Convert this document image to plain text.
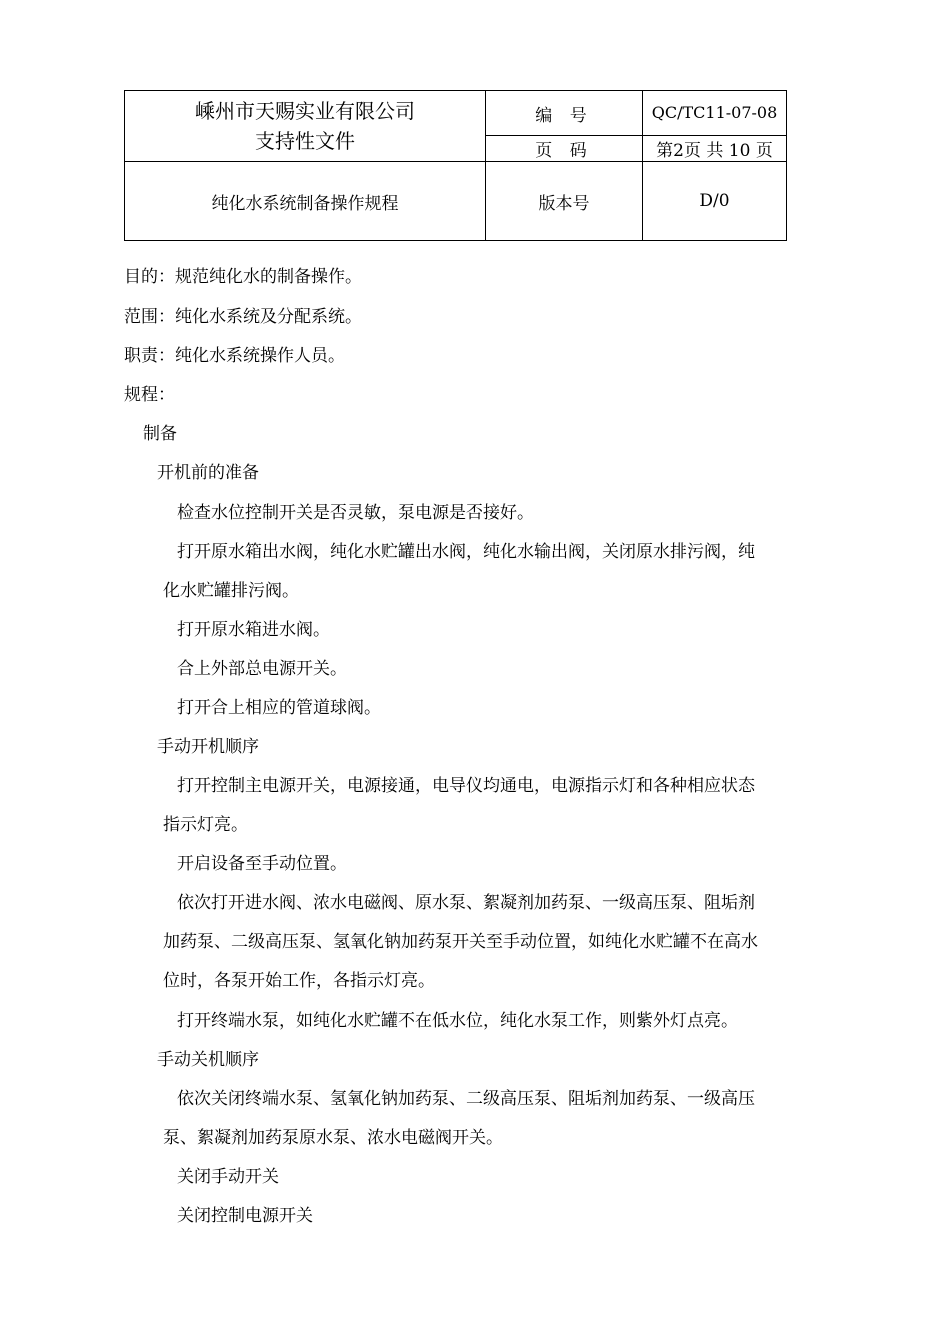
嵊州市天赐实业有限公司
支持性文件	编 号	QC/TC11-07-08
	页 码	第2页 共 10 页
纯化水系统制备操作规程	版本号	D/0
目的：规范纯化水的制备操作。
范围：纯化水系统及分配系统。
职责：纯化水系统操作人员。
规程：
制备
开机前的准备
检查水位控制开关是否灵敏，泵电源是否接好。
打开原水箱出水阀，纯化水贮罐出水阀，纯化水输出阀，关闭原水排污阀，纯
化水贮罐排污阀。
打开原水箱进水阀。
合上外部总电源开关。
打开合上相应的管道球阀。
手动开机顺序
打开控制主电源开关，电源接通，电导仪均通电，电源指示灯和各种相应状态
指示灯亮。
开启设备至手动位置。
依次打开进水阀、浓水电磁阀、原水泵、絮凝剂加药泵、一级高压泵、阻垢剂
加药泵、二级高压泵、氢氧化钠加药泵开关至手动位置，如纯化水贮罐不在高水
位时，各泵开始工作，各指示灯亮。
打开终端水泵，如纯化水贮罐不在低水位，纯化水泵工作，则紫外灯点亮。
手动关机顺序
依次关闭终端水泵、氢氧化钠加药泵、二级高压泵、阻垢剂加药泵、一级高压
泵、絮凝剂加药泵原水泵、浓水电磁阀开关。
关闭手动开关
关闭控制电源开关
